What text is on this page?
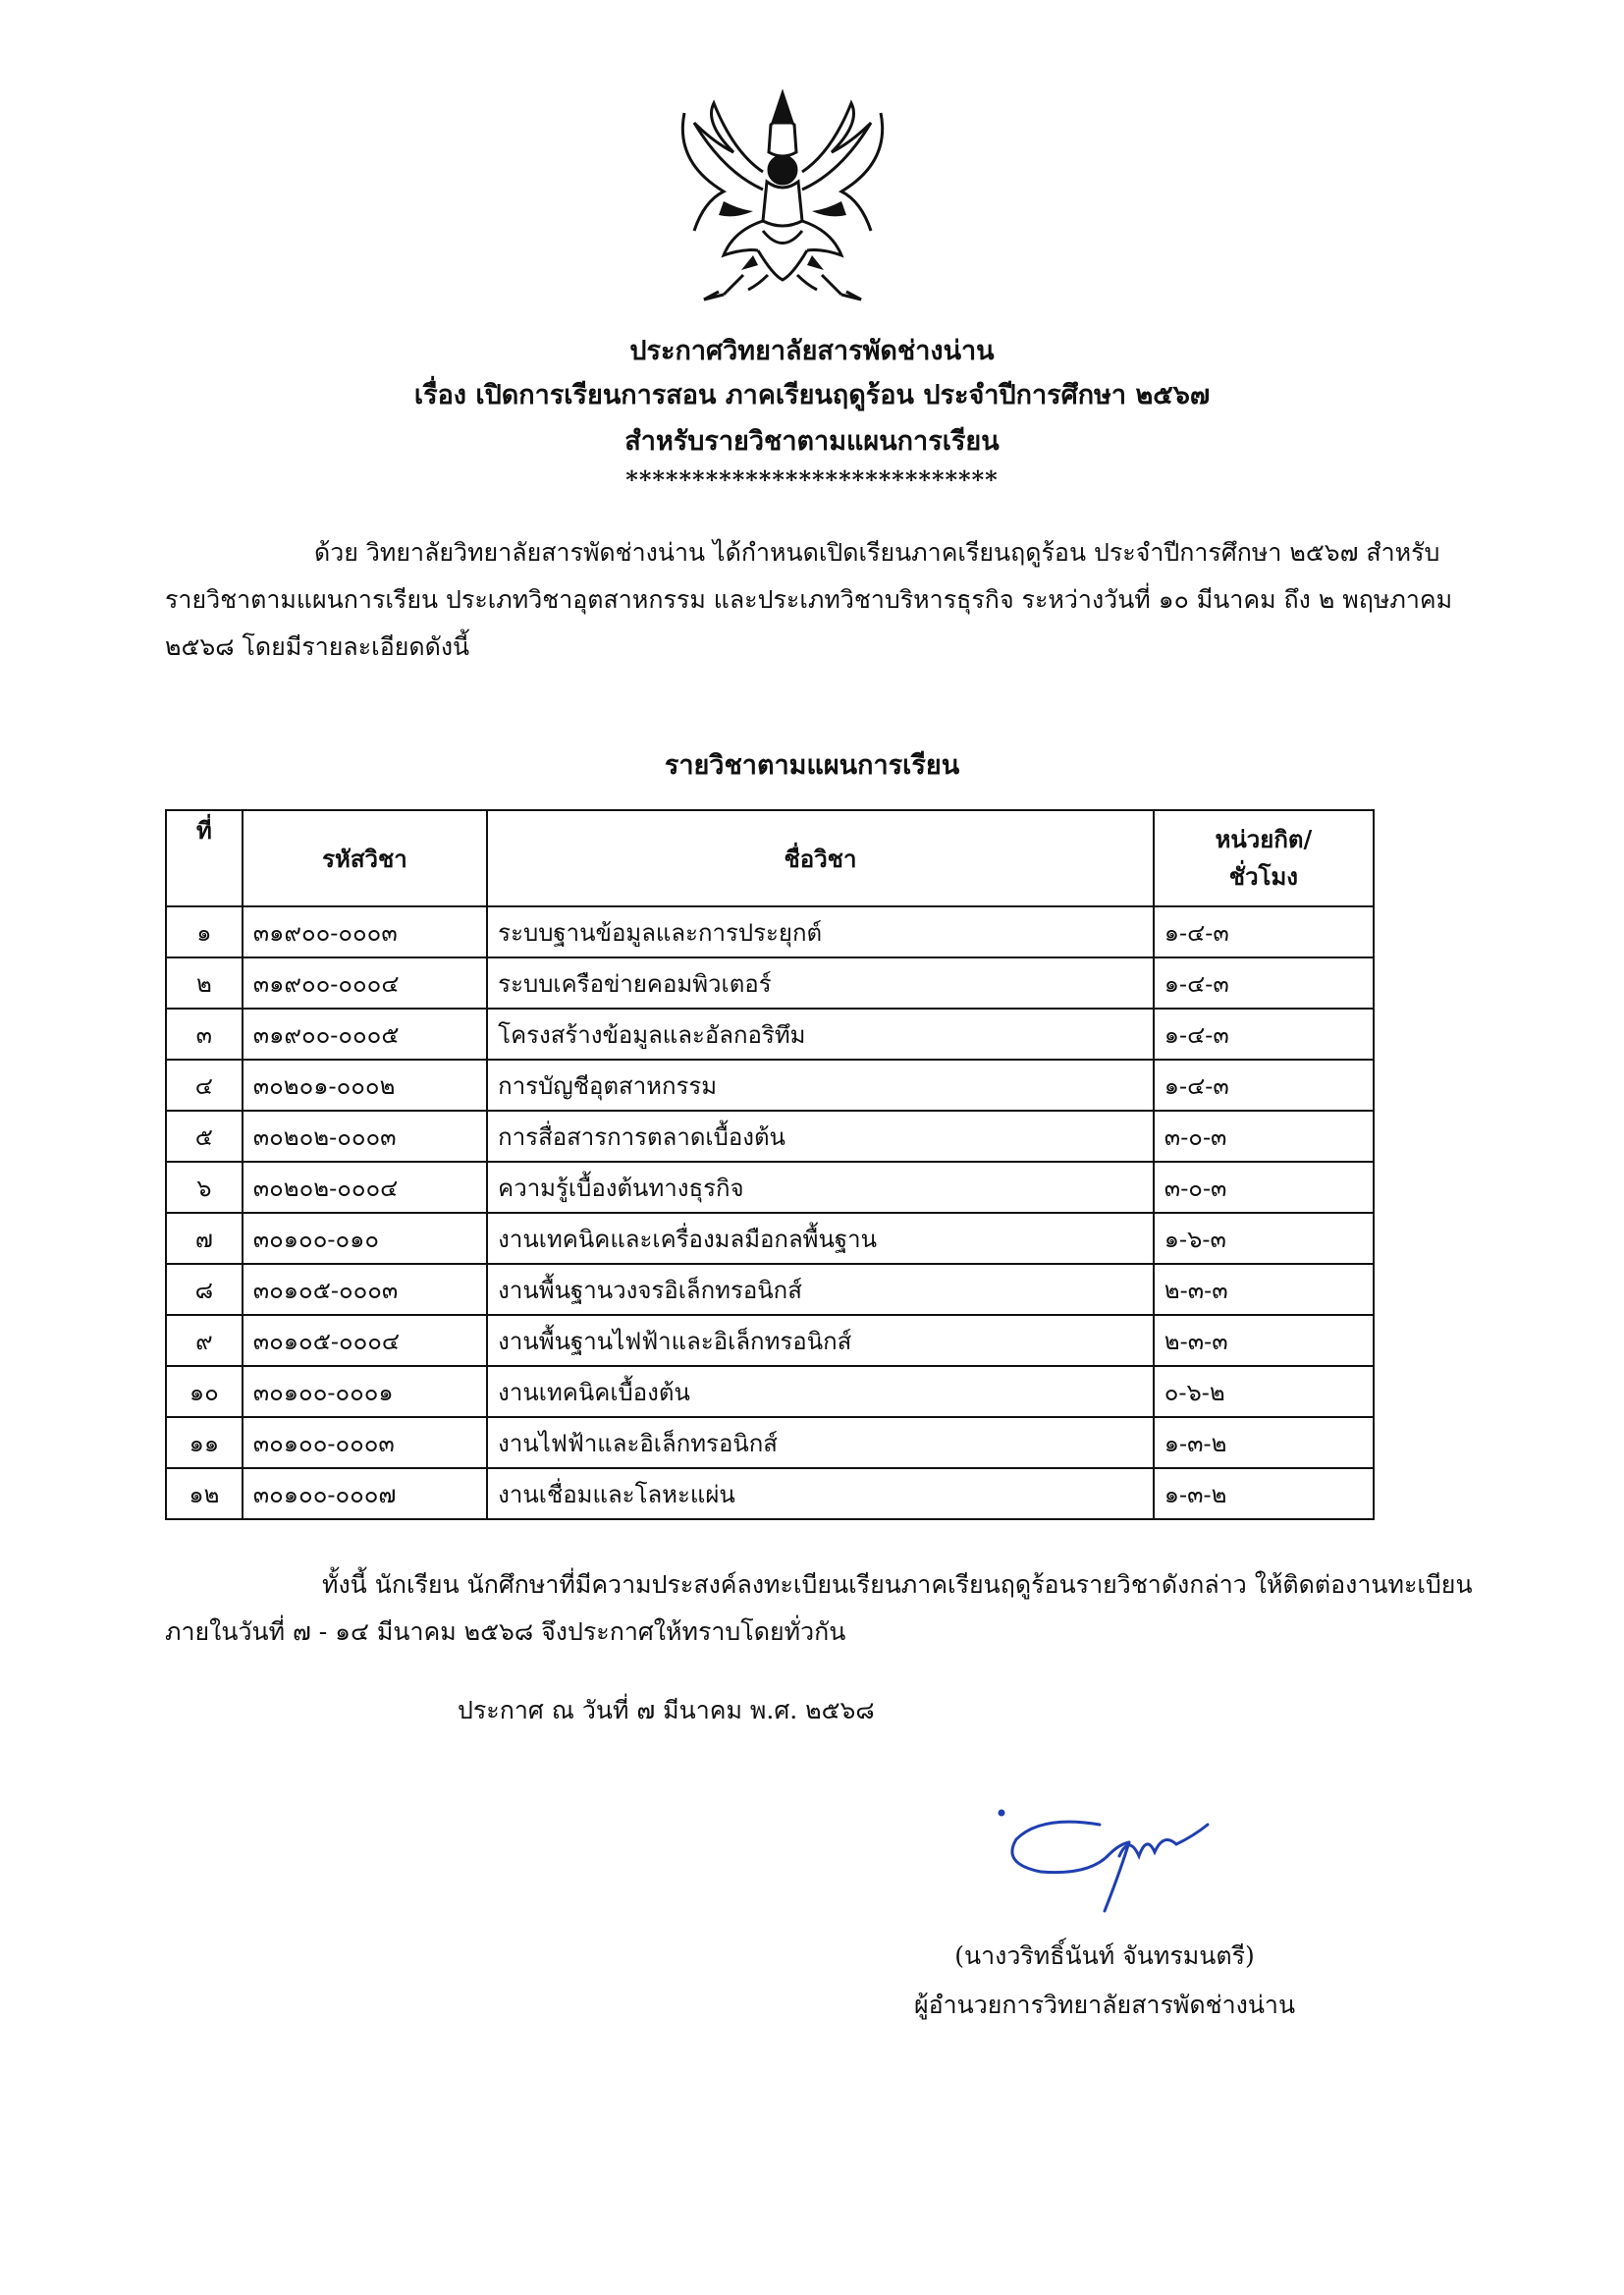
ประกาศวิทยาลัยสารพัดช่างน่าน
เรื่อง เปิดการเรียนการสอน ภาคเรียนฤดูร้อน ประจำปีการศึกษา ๒๕๖๗
สำหรับรายวิชาตามแผนการเรียน
****************************
ด้วย วิทยาลัยวิทยาลัยสารพัดช่างน่าน ได้กำหนดเปิดเรียนภาคเรียนฤดูร้อน ประจำปีการศึกษา ๒๕๖๗ สำหรับรายวิชาตามแผนการเรียน ประเภทวิชาอุตสาหกรรม และประเภทวิชาบริหารธุรกิจ ระหว่างวันที่ ๑๐ มีนาคม ถึง ๒ พฤษภาคม ๒๕๖๘ โดยมีรายละเอียดดังนี้
รายวิชาตามแผนการเรียน
ที่	รหัสวิชา	ชื่อวิชา	หน่วยกิต/
ชั่วโมง
๑	๓๑๙๐๐-๐๐๐๓	ระบบฐานข้อมูลและการประยุกต์	๑-๔-๓
๒	๓๑๙๐๐-๐๐๐๔	ระบบเครือข่ายคอมพิวเตอร์	๑-๔-๓
๓	๓๑๙๐๐-๐๐๐๕	โครงสร้างข้อมูลและอัลกอริทึม	๑-๔-๓
๔	๓๐๒๐๑-๐๐๐๒	การบัญชีอุตสาหกรรม	๑-๔-๓
๕	๓๐๒๐๒-๐๐๐๓	การสื่อสารการตลาดเบื้องต้น	๓-๐-๓
๖	๓๐๒๐๒-๐๐๐๔	ความรู้เบื้องต้นทางธุรกิจ	๓-๐-๓
๗	๓๐๑๐๐-๐๑๐	งานเทคนิคและเครื่องมลมือกลพื้นฐาน	๑-๖-๓
๘	๓๐๑๐๕-๐๐๐๓	งานพื้นฐานวงจรอิเล็กทรอนิกส์	๒-๓-๓
๙	๓๐๑๐๕-๐๐๐๔	งานพื้นฐานไฟฟ้าและอิเล็กทรอนิกส์	๒-๓-๓
๑๐	๓๐๑๐๐-๐๐๐๑	งานเทคนิคเบื้องต้น	๐-๖-๒
๑๑	๓๐๑๐๐-๐๐๐๓	งานไฟฟ้าและอิเล็กทรอนิกส์	๑-๓-๒
๑๒	๓๐๑๐๐-๐๐๐๗	งานเชื่อมและโลหะแผ่น	๑-๓-๒
ทั้งนี้ นักเรียน นักศึกษาที่มีความประสงค์ลงทะเบียนเรียนภาคเรียนฤดูร้อนรายวิชาดังกล่าว ให้ติดต่องานทะเบียนภายในวันที่ ๗ - ๑๔ มีนาคม ๒๕๖๘ จึงประกาศให้ทราบโดยทั่วกัน
ประกาศ ณ วันที่ ๗ มีนาคม พ.ศ. ๒๕๖๘
(นางวริทธิ์นันท์ จันทรมนตรี)
ผู้อำนวยการวิทยาลัยสารพัดช่างน่าน
